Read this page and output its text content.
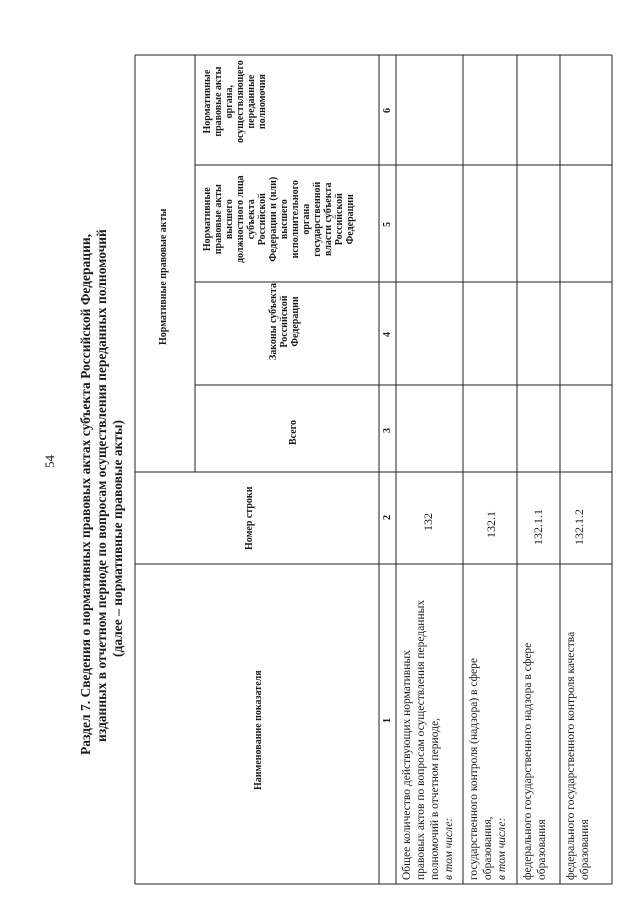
54 Раздел 7. Сведения о нормативных правовых актах субъекта Российской Федерации, изданных в отчетном периоде по вопросам осуществления переданных полномочий (далее – нормативные правовые акты)
Наименование показателя
Номер строки
Нормативные правовые акты
Всего
Законы субъекта Российской Федерации
Нормативные правовые акты высшего должностного лица субъекта Российской Федерации и (или) высшего исполнительного органа государственной власти субъекта Российской Федерации
Нормативные правовые акты органа, осуществляющего переданные полномочия
1
2
3
4
5
6
Общее количество действующих нормативных правовых актов по вопросам осуществления переданных полномочий в отчетном периоде, в том числе:
132
государственного контроля (надзора) в сфере образования, в том числе:
132.1
федерального государственного надзора в сфере образования
132.1.1
федерального государственного контроля качества образования
132.1.2
